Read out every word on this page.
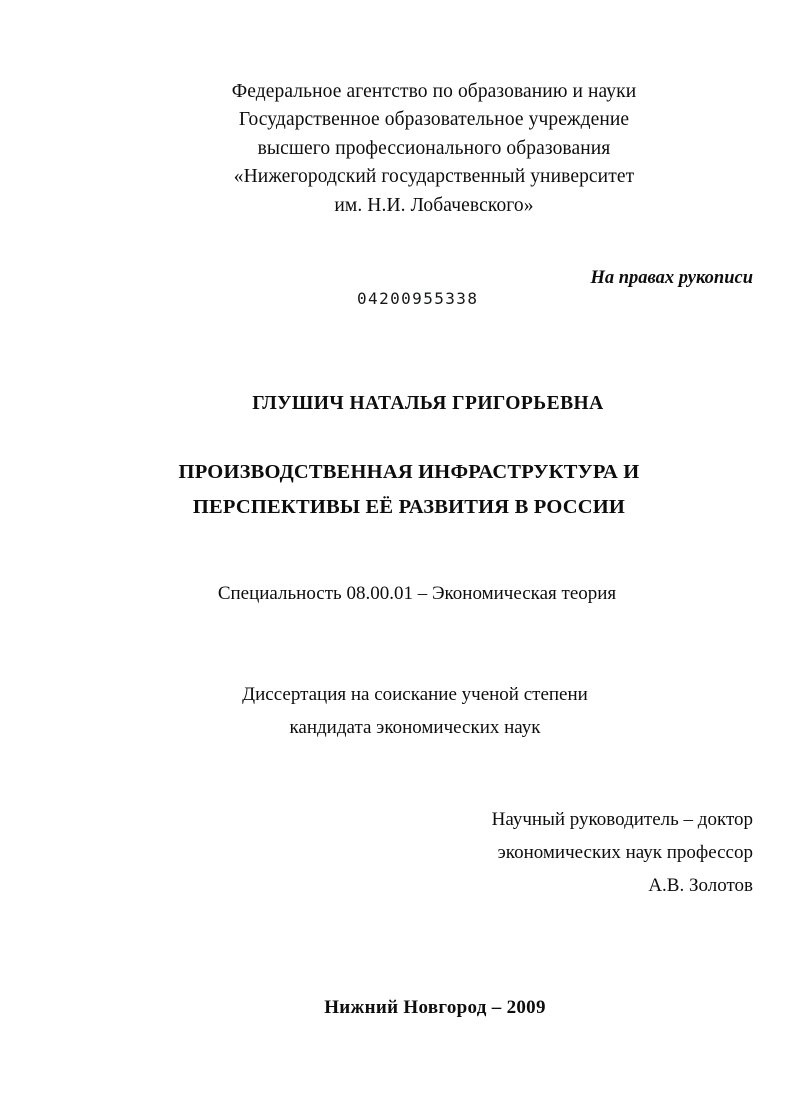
Федеральное агентство по образованию и науки
Государственное образовательное учреждение
высшего профессионального образования
«Нижегородский государственный университет
им. Н.И. Лобачевского»
На правах рукописи
04200955338
ГЛУШИЧ НАТАЛЬЯ ГРИГОРЬЕВНА
ПРОИЗВОДСТВЕННАЯ ИНФРАСТРУКТУРА И
ПЕРСПЕКТИВЫ ЕЁ РАЗВИТИЯ В РОССИИ
Специальность 08.00.01 – Экономическая теория
Диссертация на соискание ученой степени
кандидата экономических наук
Научный руководитель – доктор
экономических наук профессор
А.В. Золотов
Нижний Новгород – 2009
